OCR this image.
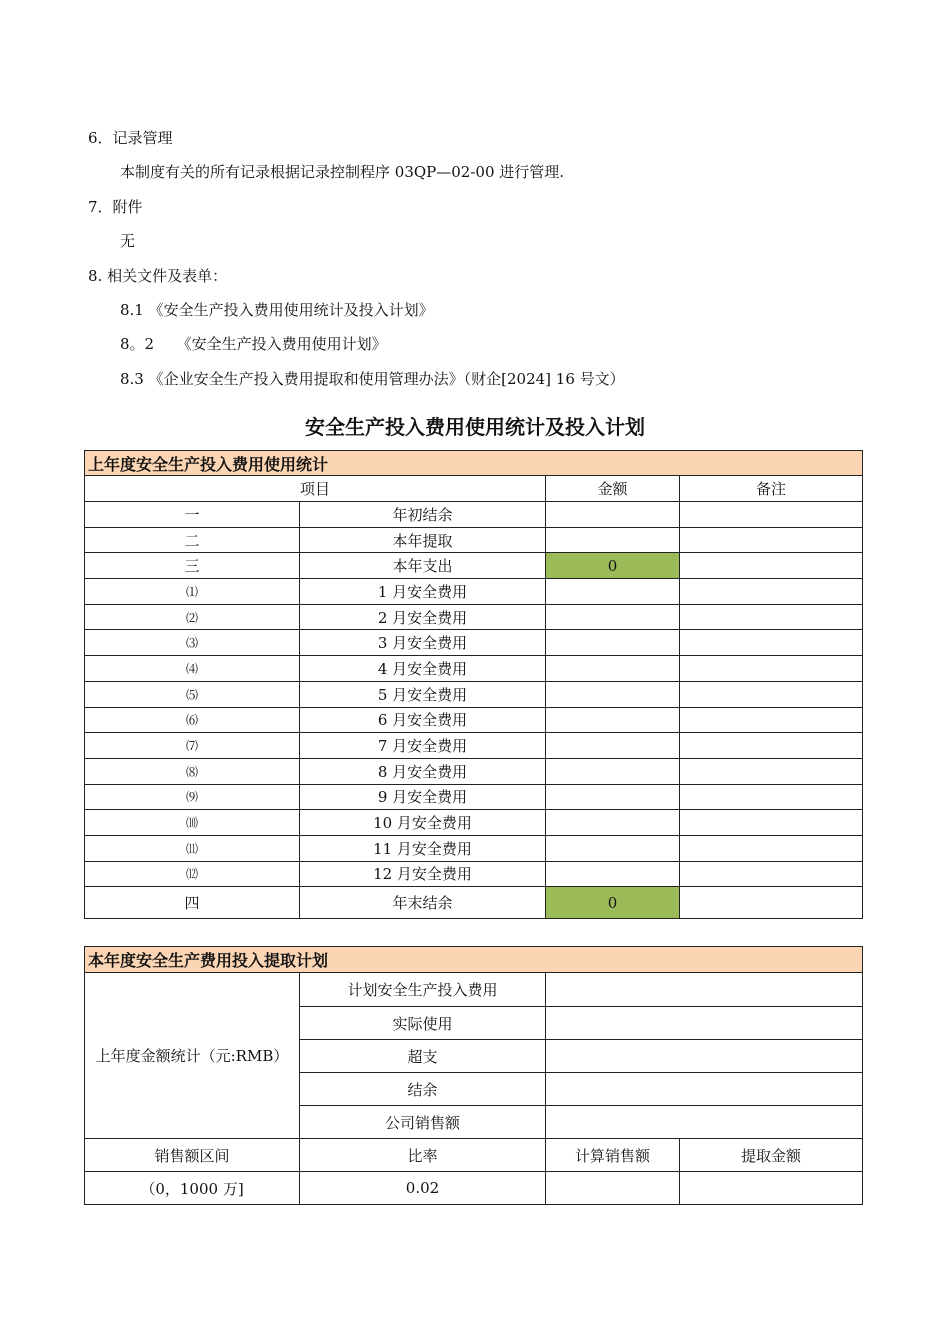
6．记录管理
本制度有关的所有记录根据记录控制程序 03QP—02-00 进行管理.
7．附件
无
8. 相关文件及表单：
8.1 《安全生产投入费用使用统计及投入计划》
8。2　　《安全生产投入费用使用计划》
8.3 《企业安全生产投入费用提取和使用管理办法》（财企[2024] 16 号文）
安全生产投入费用使用统计及投入计划
上年度安全生产投入费用使用统计			
项目		金额	备注
一	年初结余		
二	本年提取		
三	本年支出	0	
⑴	1 月安全费用		
⑵	2 月安全费用		
⑶	3 月安全费用		
⑷	4 月安全费用		
⑸	5 月安全费用		
⑹	6 月安全费用		
⑺	7 月安全费用		
⑻	8 月安全费用		
⑼	9 月安全费用		
⑽	10 月安全费用		
⑾	11 月安全费用		
⑿	12 月安全费用		
四	年末结余	0	
本年度安全生产费用投入提取计划			
上年度金额统计（元:RMB）	计划安全生产投入费用		
	实际使用		
	超支		
	结余		
	公司销售额		
销售额区间	比率	计算销售额	提取金额
（0，1000 万]	0.02		
